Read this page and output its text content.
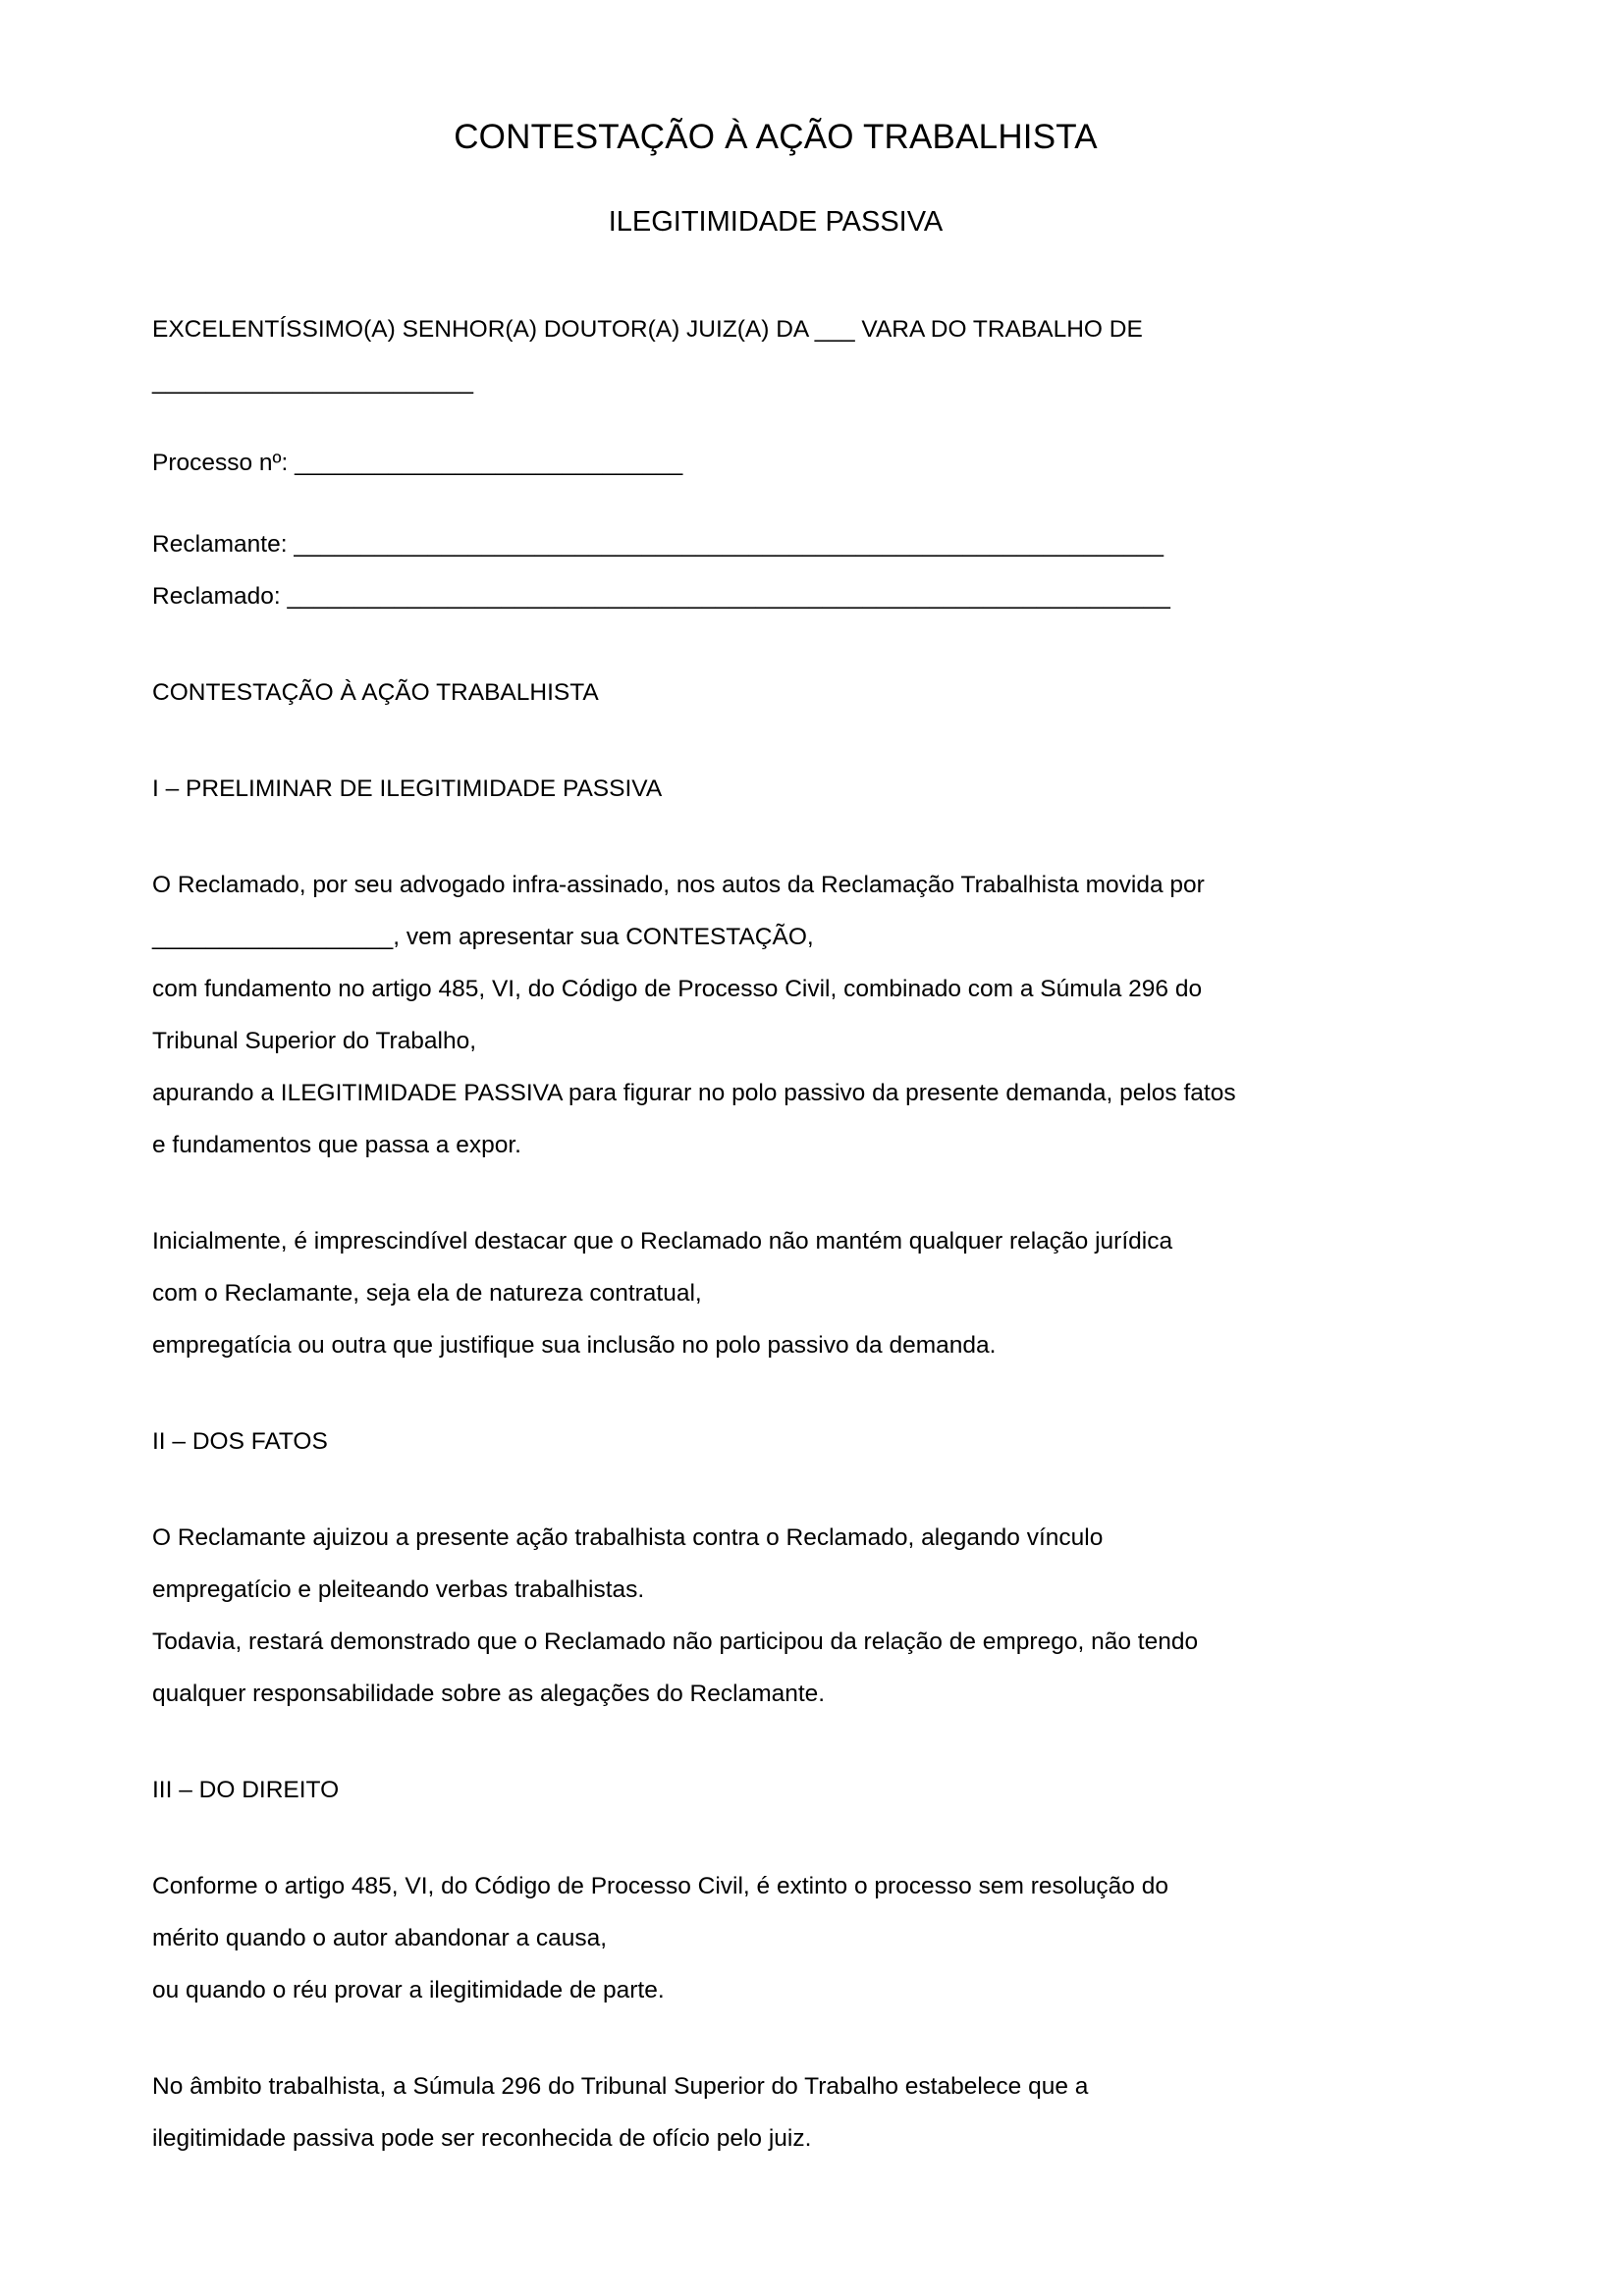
CONTESTAÇÃO À AÇÃO TRABALHISTA
ILEGITIMIDADE PASSIVA

EXCELENTÍSSIMO(A) SENHOR(A) DOUTOR(A) JUIZ(A) DA ___ VARA DO TRABALHO DE

________________________

Processo nº: _____________________________

Reclamante: _________________________________________________________________

Reclamado: __________________________________________________________________

CONTESTAÇÃO À AÇÃO TRABALHISTA

I – PRELIMINAR DE ILEGITIMIDADE PASSIVA

O Reclamado, por seu advogado infra-assinado, nos autos da Reclamação Trabalhista movida por

__________________, vem apresentar sua CONTESTAÇÃO,

com fundamento no artigo 485, VI, do Código de Processo Civil, combinado com a Súmula 296 do

Tribunal Superior do Trabalho,

apurando a ILEGITIMIDADE PASSIVA para figurar no polo passivo da presente demanda, pelos fatos

e fundamentos que passa a expor.

Inicialmente, é imprescindível destacar que o Reclamado não mantém qualquer relação jurídica

com o Reclamante, seja ela de natureza contratual,

empregatícia ou outra que justifique sua inclusão no polo passivo da demanda.

II – DOS FATOS

O Reclamante ajuizou a presente ação trabalhista contra o Reclamado, alegando vínculo

empregatício e pleiteando verbas trabalhistas.

Todavia, restará demonstrado que o Reclamado não participou da relação de emprego, não tendo

qualquer responsabilidade sobre as alegações do Reclamante.

III – DO DIREITO

Conforme o artigo 485, VI, do Código de Processo Civil, é extinto o processo sem resolução do

mérito quando o autor abandonar a causa,

ou quando o réu provar a ilegitimidade de parte.

No âmbito trabalhista, a Súmula 296 do Tribunal Superior do Trabalho estabelece que a

ilegitimidade passiva pode ser reconhecida de ofício pelo juiz.
